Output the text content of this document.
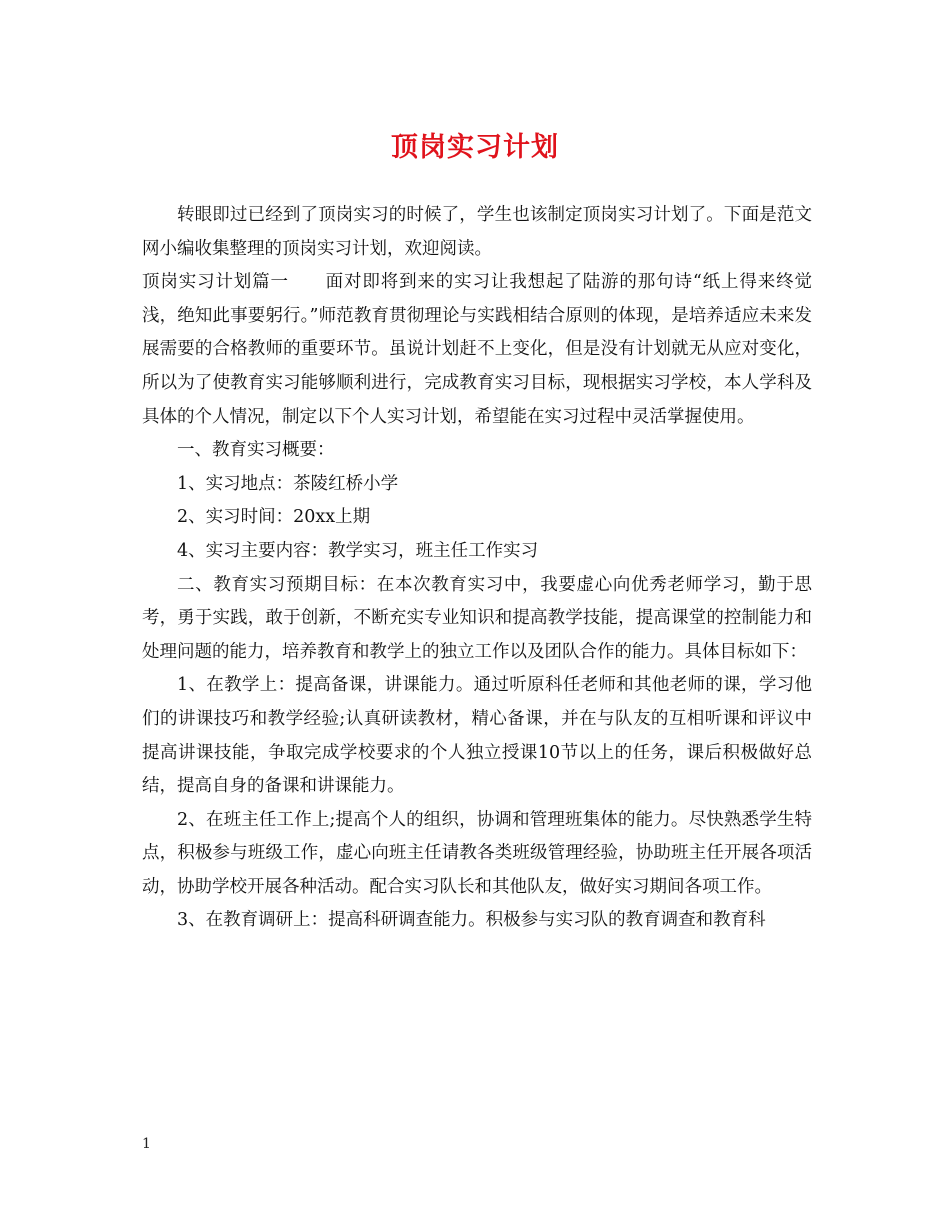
顶岗实习计划

转眼即过已经到了顶岗实习的时候了，学生也该制定顶岗实习计划了。下面是范文网小编收集整理的顶岗实习计划，欢迎阅读。

顶岗实习计划篇一　　面对即将到来的实习让我想起了陆游的那句诗“纸上得来终觉浅，绝知此事要躬行。”师范教育贯彻理论与实践相结合原则的体现，是培养适应未来发展需要的合格教师的重要环节。虽说计划赶不上变化，但是没有计划就无从应对变化，所以为了使教育实习能够顺利进行，完成教育实习目标，现根据实习学校，本人学科及具体的个人情况，制定以下个人实习计划，希望能在实习过程中灵活掌握使用。

一、教育实习概要：

1、实习地点：茶陵红桥小学

2、实习时间：20xx上期

4、实习主要内容：教学实习，班主任工作实习

二、教育实习预期目标：在本次教育实习中，我要虚心向优秀老师学习，勤于思考，勇于实践，敢于创新，不断充实专业知识和提高教学技能，提高课堂的控制能力和处理问题的能力，培养教育和教学上的独立工作以及团队合作的能力。具体目标如下：

1、在教学上：提高备课，讲课能力。通过听原科任老师和其他老师的课，学习他们的讲课技巧和教学经验;认真研读教材，精心备课，并在与队友的互相听课和评议中提高讲课技能，争取完成学校要求的个人独立授课10节以上的任务，课后积极做好总结，提高自身的备课和讲课能力。

2、在班主任工作上;提高个人的组织，协调和管理班集体的能力。尽快熟悉学生特点，积极参与班级工作，虚心向班主任请教各类班级管理经验，协助班主任开展各项活动，协助学校开展各种活动。配合实习队长和其他队友，做好实习期间各项工作。

3、在教育调研上：提高科研调查能力。积极参与实习队的教育调查和教育科

1
